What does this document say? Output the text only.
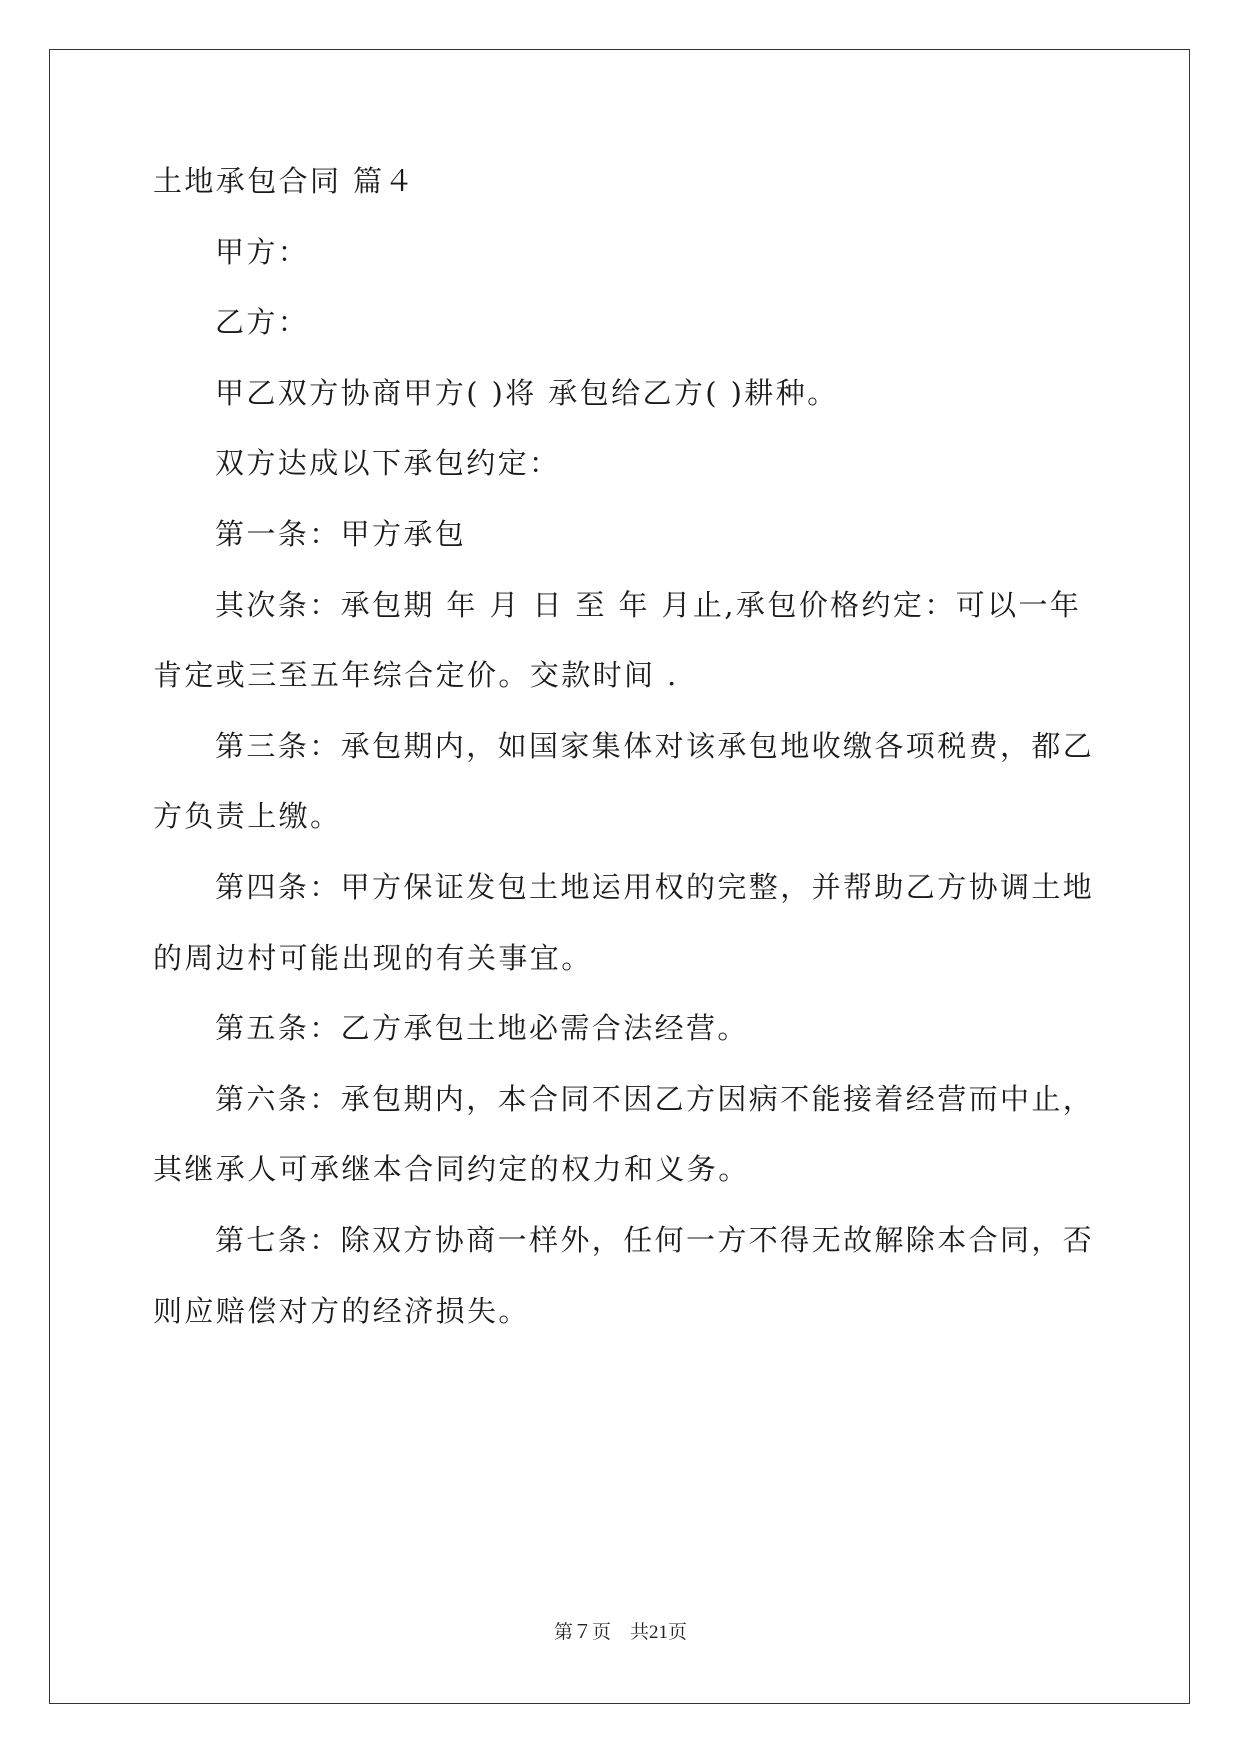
土地承包合同 篇４
甲方：
乙方：
甲乙双方协商甲方( )将 承包给乙方( )耕种。
双方达成以下承包约定：
第一条：甲方承包
其次条：承包期 年 月 日 至 年 月止,承包价格约定：可以一年
肯定或三至五年综合定价。交款时间 .
第三条：承包期内，如国家集体对该承包地收缴各项税费，都乙
方负责上缴。
第四条：甲方保证发包土地运用权的完整，并帮助乙方协调土地
的周边村可能出现的有关事宜。
第五条：乙方承包土地必需合法经营。
第六条：承包期内，本合同不因乙方因病不能接着经营而中止，
其继承人可承继本合同约定的权力和义务。
第七条：除双方协商一样外，任何一方不得无故解除本合同，否
则应赔偿对方的经济损失。
第７页　共21页
